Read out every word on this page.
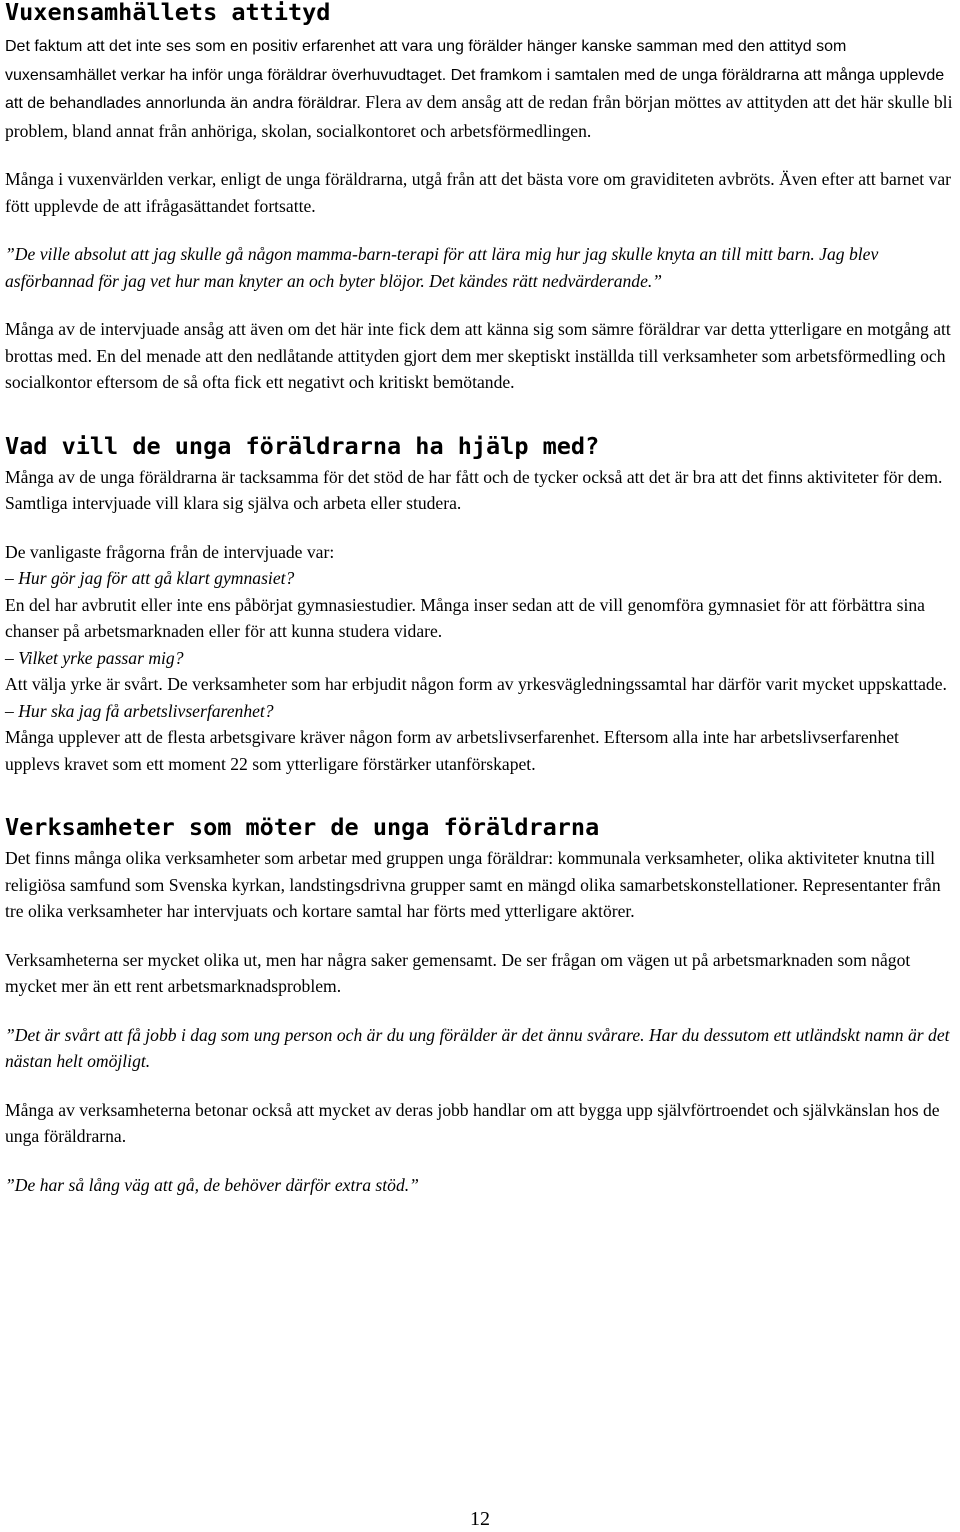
Vuxensamhällets attityd

Det faktum att det inte ses som en positiv erfarenhet att vara ung förälder hänger kanske samman med den attityd som vuxensamhället verkar ha inför unga föräldrar överhuvudtaget. Det framkom i samtalen med de unga föräldrarna att många upplevde att de behandlades annorlunda än andra föräldrar. Flera av dem ansåg att de redan från början möttes av attityden att det här skulle bli problem, bland annat från anhöriga, skolan, socialkontoret och arbetsförmedlingen.

Många i vuxenvärlden verkar, enligt de unga föräldrarna, utgå från att det bästa vore om graviditeten avbröts. Även efter att barnet var fött upplevde de att ifrågasättandet fortsatte.

”De ville absolut att jag skulle gå någon mamma-barn-terapi för att lära mig hur jag skulle knyta an till mitt barn. Jag blev asförbannad för jag vet hur man knyter an och byter blöjor. Det kändes rätt nedvärderande.”

Många av de intervjuade ansåg att även om det här inte fick dem att känna sig som sämre föräldrar var detta ytterligare en motgång att brottas med. En del menade att den nedlåtande attityden gjort dem mer skeptiskt inställda till verksamheter som arbetsförmedling och socialkontor eftersom de så ofta fick ett negativt och kritiskt bemötande.

Vad vill de unga föräldrarna ha hjälp med?

Många av de unga föräldrarna är tacksamma för det stöd de har fått och de tycker också att det är bra att det finns aktiviteter för dem. Samtliga intervjuade vill klara sig själva och arbeta eller studera.

De vanligaste frågorna från de intervjuade var:

– Hur gör jag för att gå klart gymnasiet?

En del har avbrutit eller inte ens påbörjat gymnasiestudier. Många inser sedan att de vill genomföra gymnasiet för att förbättra sina chanser på arbetsmarknaden eller för att kunna studera vidare.

– Vilket yrke passar mig?

Att välja yrke är svårt. De verksamheter som har erbjudit någon form av yrkesvägledningssamtal har därför varit mycket uppskattade.

– Hur ska jag få arbetslivserfarenhet?

Många upplever att de flesta arbetsgivare kräver någon form av arbetslivserfarenhet. Eftersom alla inte har arbetslivserfarenhet upplevs kravet som ett moment 22 som ytterligare förstärker utanförskapet.

Verksamheter som möter de unga föräldrarna

Det finns många olika verksamheter som arbetar med gruppen unga föräldrar: kommunala verksamheter, olika aktiviteter knutna till religiösa samfund som Svenska kyrkan, landstingsdrivna grupper samt en mängd olika samarbetskonstellationer. Representanter från tre olika verksamheter har intervjuats och kortare samtal har förts med ytterligare aktörer.

Verksamheterna ser mycket olika ut, men har några saker gemensamt. De ser frågan om vägen ut på arbetsmarknaden som något mycket mer än ett rent arbetsmarknadsproblem.

”Det är svårt att få jobb i dag som ung person och är du ung förälder är det ännu svårare. Har du dessutom ett utländskt namn är det nästan helt omöjligt.

Många av verksamheterna betonar också att mycket av deras jobb handlar om att bygga upp självförtroendet och självkänslan hos de unga föräldrarna.

”De har så lång väg att gå, de behöver därför extra stöd.”

12
